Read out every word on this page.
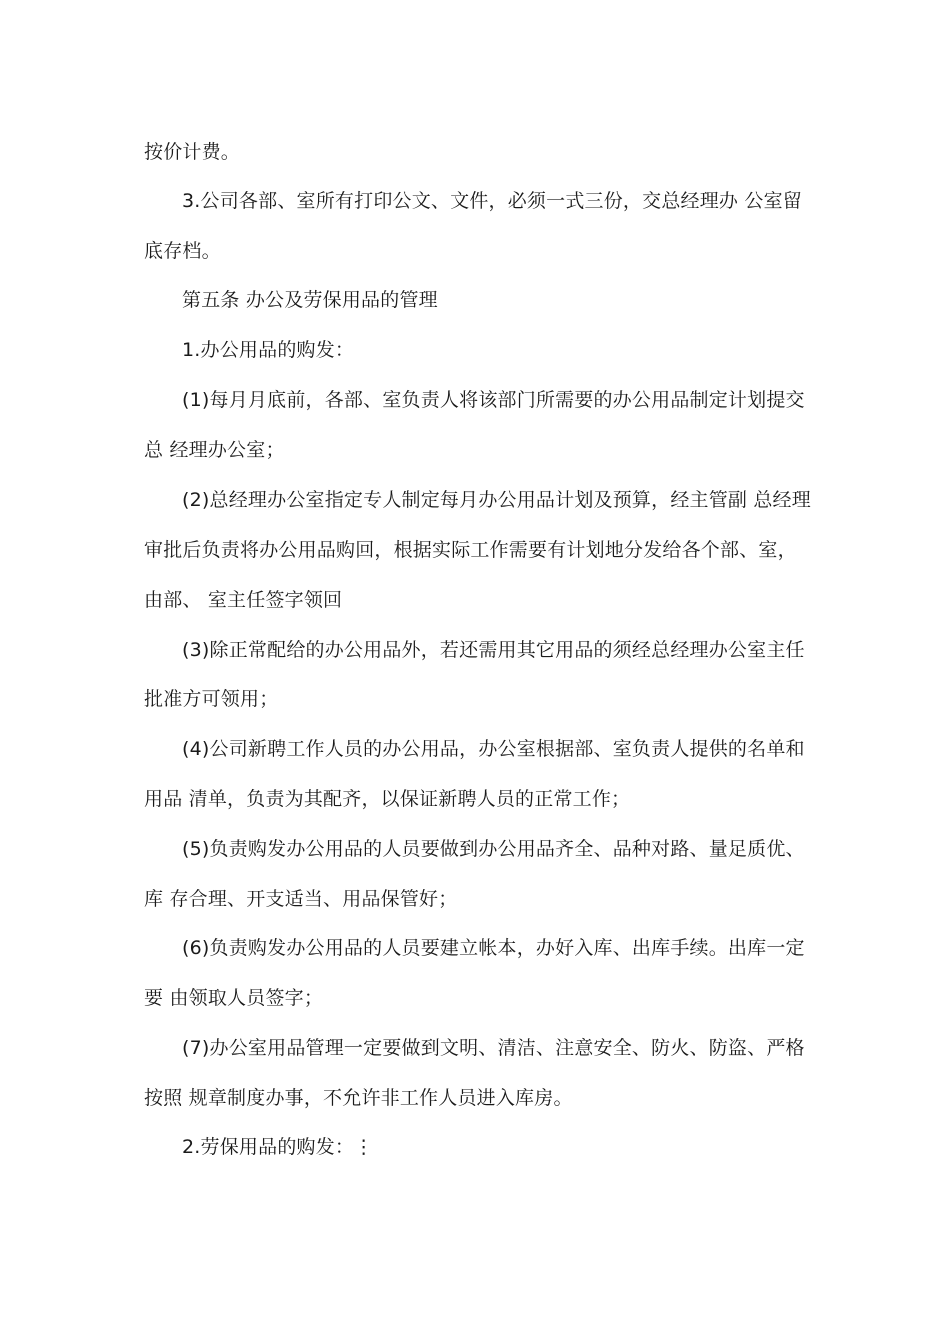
按价计费。
3.公司各部、室所有打印公文、文件，必须一式三份，交总经理办 公室留
底存档。
第五条 办公及劳保用品的管理
1.办公用品的购发：
(1)每月月底前，各部、室负责人将该部门所需要的办公用品制定计划提交
总 经理办公室；
(2)总经理办公室指定专人制定每月办公用品计划及预算，经主管副 总经理
审批后负责将办公用品购回，根据实际工作需要有计划地分发给各个部、室，
由部、 室主任签字领回
(3)除正常配给的办公用品外，若还需用其它用品的须经总经理办公室主任
批准方可领用；
(4)公司新聘工作人员的办公用品，办公室根据部、室负责人提供的名单和
用品 清单，负责为其配齐，以保证新聘人员的正常工作；
(5)负责购发办公用品的人员要做到办公用品齐全、品种对路、量足质优、
库 存合理、开支适当、用品保管好；
(6)负责购发办公用品的人员要建立帐本，办好入库、出库手续。出库一定
要 由领取人员签字；
(7)办公室用品管理一定要做到文明、清洁、注意安全、防火、防盗、严格
按照 规章制度办事，不允许非工作人员进入库房。
2.劳保用品的购发：⋮
